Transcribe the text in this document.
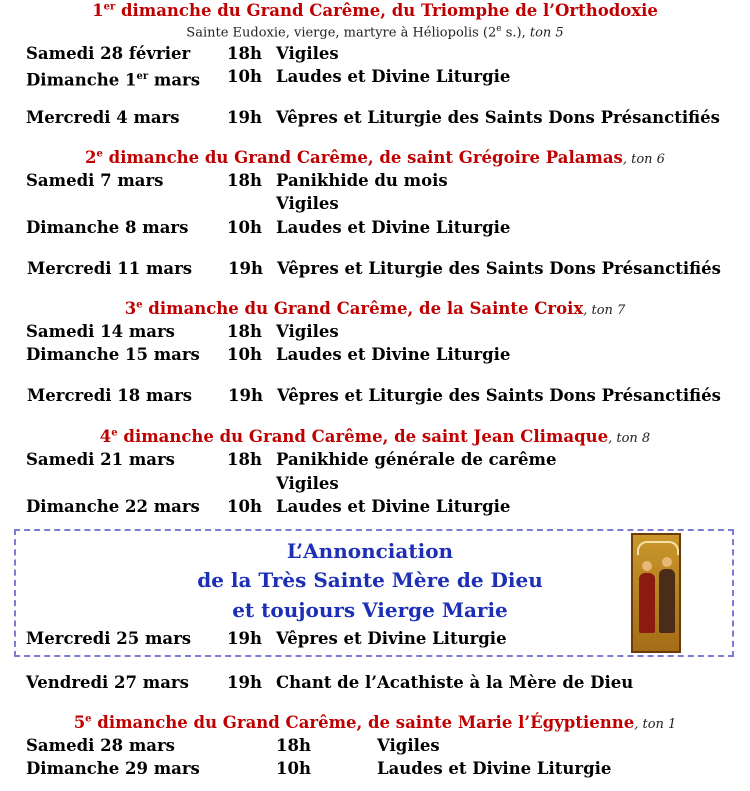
1er dimanche du Grand Carême, du Triomphe de l’Orthodoxie
Sainte Eudoxie, vierge, martyre à Héliopolis (2e s.), ton 5
Samedi 28 février 18h Vigiles
Dimanche 1er mars 10h Laudes et Divine Liturgie
Mercredi 4 mars	19h Vêpres et Liturgie des Saints Dons Présanctifiés
2e dimanche du Grand Carême, de saint Grégoire Palamas, ton 6
Samedi 7 mars	18h Panikhide du mois
Vigiles
Dimanche 8 mars 10h Laudes et Divine Liturgie
Mercredi 11 mars 19h Vêpres et Liturgie des Saints Dons Présanctifiés
3e dimanche du Grand Carême, de la Sainte Croix, ton 7
Samedi 14 mars	18h Vigiles
Dimanche 15 mars 10h Laudes et Divine Liturgie
Mercredi 18 mars 19h Vêpres et Liturgie des Saints Dons Présanctifiés
4e dimanche du Grand Carême, de saint Jean Climaque, ton 8
Samedi 21 mars	18h Panikhide générale de carême
Vigiles
Dimanche 22 mars 10h Laudes et Divine Liturgie
L’Annonciation
de la Très Sainte Mère de Dieu
et toujours Vierge Marie
Mercredi 25 mars 19h Vêpres et Divine Liturgie
Vendredi 27 mars 19h Chant de l’Acathiste à la Mère de Dieu
5e dimanche du Grand Carême, de sainte Marie l’Égyptienne, ton 1
Samedi 28 mars	18h	Vigiles
Dimanche 29 mars	10h	Laudes et Divine Liturgie
